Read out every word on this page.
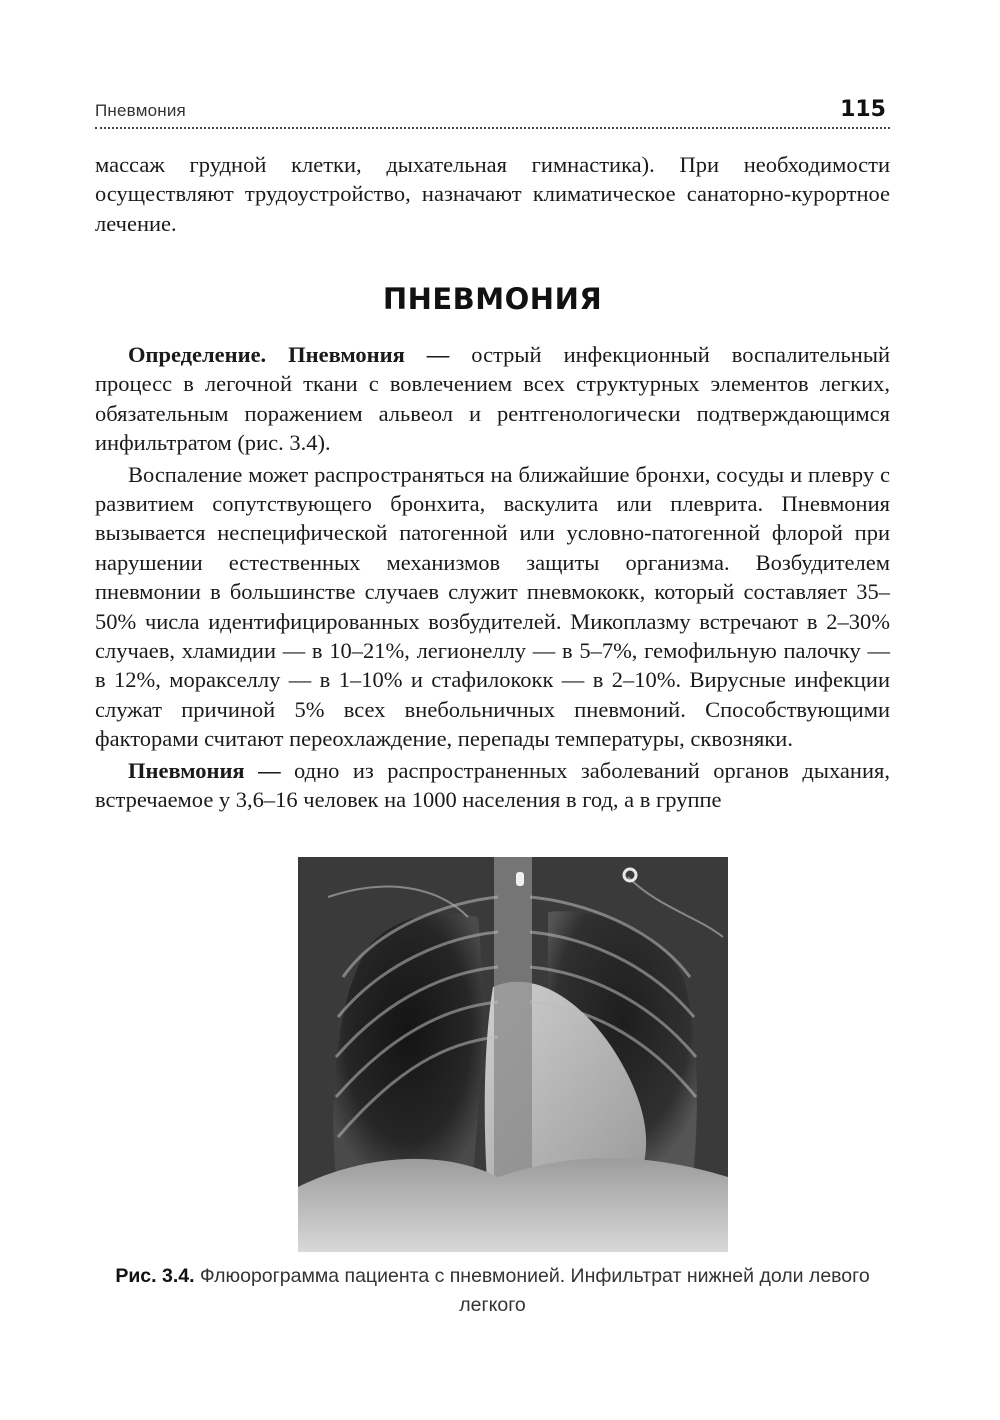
Пневмония	115

массаж грудной клетки, дыхательная гимнастика). При необходимости осуществляют трудоустройство, назначают климатическое санаторно-курортное лечение.

ПНЕВМОНИЯ

Определение. Пневмония — острый инфекционный воспалительный процесс в легочной ткани с вовлечением всех структурных элементов легких, обязательным поражением альвеол и рентгенологически подтверждающимся инфильтратом (рис. 3.4).

Воспаление может распространяться на ближайшие бронхи, сосуды и плевру с развитием сопутствующего бронхита, васкулита или плеврита. Пневмония вызывается неспецифической патогенной или условно-патогенной флорой при нарушении естественных механизмов защиты организма. Возбудителем пневмонии в большинстве случаев служит пневмококк, который составляет 35–50% числа идентифицированных возбудителей. Микоплазму встречают в 2–30% случаев, хламидии — в 10–21%, легионеллу — в 5–7%, гемофильную палочку — в 12%, моракселлу — в 1–10% и стафилококк — в 2–10%. Вирусные инфекции служат причиной 5% всех внебольничных пневмоний. Способствующими факторами считают переохлаждение, перепады температуры, сквозняки.

Пневмония — одно из распространенных заболеваний органов дыхания, встречаемое у 3,6–16 человек на 1000 населения в год, а в группе

Рис. 3.4. Флюорограмма пациента с пневмонией. Инфильтрат нижней доли левого легкого
